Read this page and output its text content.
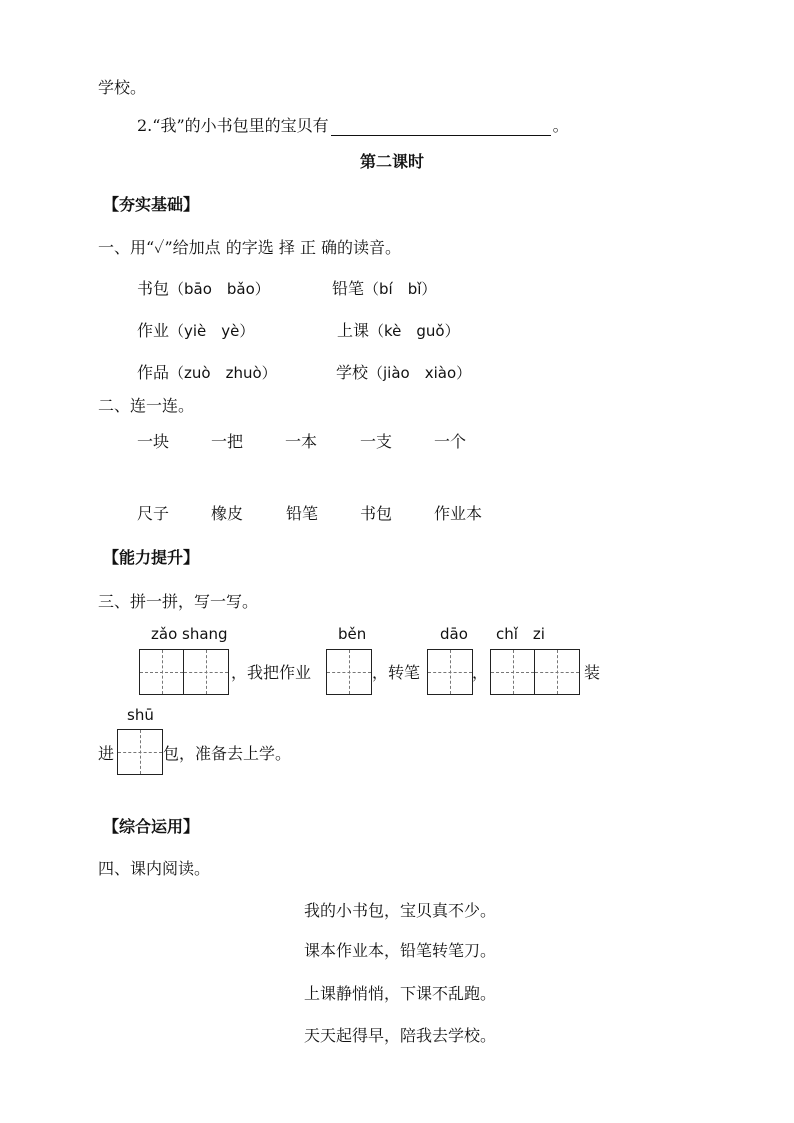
学校。
2.“我”的小书包里的宝贝有	。
第二课时
【夯实基础】
一、用“✓”给加点 的字选 择 正 确的读音。
书包（bāo　bǎo）	铅笔（bí　bǐ）
作业（yiè　yè）	上课（kè　guǒ）
作品（zuò　zhuò）	学校（jiào　xiào）
二、连一连。
一块	一把	一本	一支	一个
尺子	橡皮	铅笔	书包	作业本
【能力提升】
三、拼一拼，写一写。
zǎo shang	běn	dāo chǐ　zi
，我把作业	，转笔	，	装
shū
进	包，准备去上学。
【综合运用】
四、课内阅读。
我的小书包，宝贝真不少。
课本作业本，铅笔转笔刀。
上课静悄悄，下课不乱跑。
天天起得早，陪我去学校。
